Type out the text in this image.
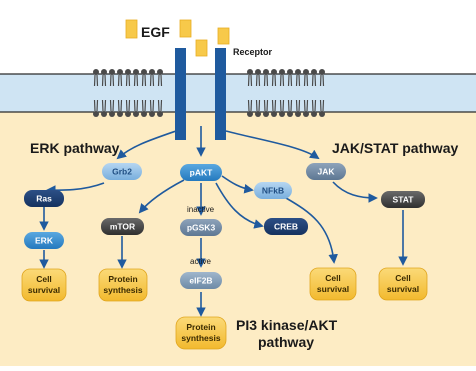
EGF
Receptor
ERK pathway	JAK/STAT pathway
PI3 kinase/AKT
pathway
inactive
active
Grb2
Ras
ERK
pAKT
mTOR	pGSK3
eIF2B
NFkB
CREB
JAK
STAT
Cell
survival
Protein
synthesis
Protein
synthesis
Cell
survival
Cell
survival
